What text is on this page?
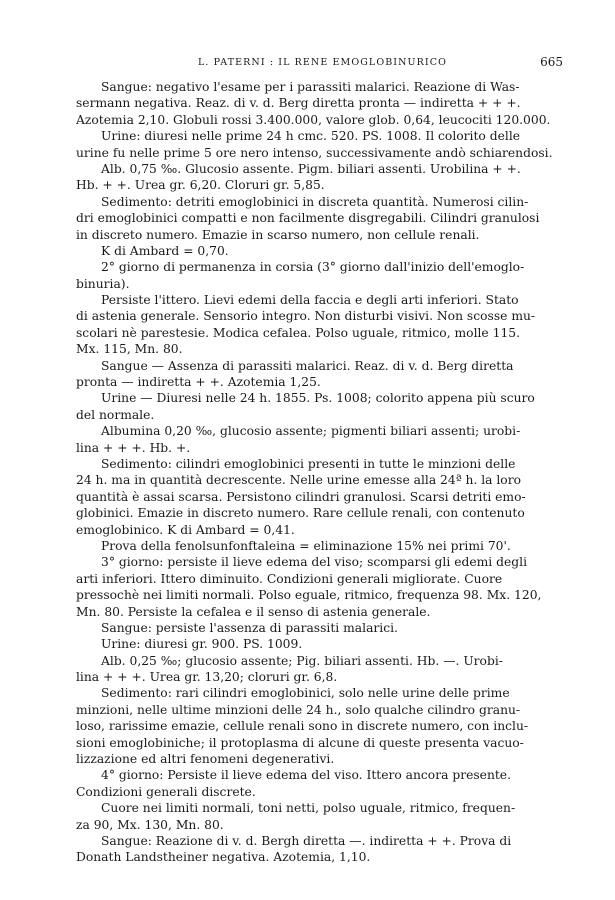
L. PATERNI : IL RENE EMOGLOBINURICO	665
Sangue: negativo l'esame per i parassiti malarici. Reazione di Was-
sermann negativa. Reaz. di v. d. Berg diretta pronta — indiretta + + +.
Azotemia 2,10. Globuli rossi 3.400.000, valore glob. 0,64, leucociti 120.000.
Urine: diuresi nelle prime 24 h cmc. 520. PS. 1008. Il colorito delle
urine fu nelle prime 5 ore nero intenso, successivamente andò schiarendosi.
Alb. 0,75 ‰. Glucosio assente. Pigm. biliari assenti. Urobilina + +.
Hb. + +. Urea gr. 6,20. Cloruri gr. 5,85.
Sedimento: detriti emoglobinici in discreta quantità. Numerosi cilin-
dri emoglobinici compatti e non facilmente disgregabili. Cilindri granulosi
in discreto numero. Emazie in scarso numero, non cellule renali.
K di Ambard = 0,70.
2° giorno di permanenza in corsia (3° giorno dall'inizio dell'emoglo-
binuria).
Persiste l'ittero. Lievi edemi della faccia e degli arti inferiori. Stato
di astenia generale. Sensorio integro. Non disturbi visivi. Non scosse mu-
scolari nè parestesie. Modica cefalea. Polso uguale, ritmico, molle 115.
Mx. 115, Mn. 80.
Sangue — Assenza di parassiti malarici. Reaz. di v. d. Berg diretta
pronta — indiretta + +. Azotemia 1,25.
Urine — Diuresi nelle 24 h. 1855. Ps. 1008; colorito appena più scuro
del normale.
Albumina 0,20 ‰, glucosio assente; pigmenti biliari assenti; urobi-
lina + + +. Hb. +.
Sedimento: cilindri emoglobinici presenti in tutte le minzioni delle
24 h. ma in quantità decrescente. Nelle urine emesse alla 24ª h. la loro
quantità è assai scarsa. Persistono cilindri granulosi. Scarsi detriti emo-
globinici. Emazie in discreto numero. Rare cellule renali, con contenuto
emoglobinico. K di Ambard = 0,41.
Prova della fenolsunfonftaleina = eliminazione 15% nei primi 70'.
3° giorno: persiste il lieve edema del viso; scomparsi gli edemi degli
arti inferiori. Ittero diminuito. Condizioni generali migliorate. Cuore
pressochè nei limiti normali. Polso eguale, ritmico, frequenza 98. Mx. 120,
Mn. 80. Persiste la cefalea e il senso di astenia generale.
Sangue: persiste l'assenza di parassiti malarici.
Urine: diuresi gr. 900. PS. 1009.
Alb. 0,25 ‰; glucosio assente; Pig. biliari assenti. Hb. —. Urobi-
lina + + +. Urea gr. 13,20; cloruri gr. 6,8.
Sedimento: rari cilindri emoglobinici, solo nelle urine delle prime
minzioni, nelle ultime minzioni delle 24 h., solo qualche cilindro granu-
loso, rarissime emazie, cellule renali sono in discrete numero, con inclu-
sioni emoglobiniche; il protoplasma di alcune di queste presenta vacuo-
lizzazione ed altri fenomeni degenerativi.
4° giorno: Persiste il lieve edema del viso. Ittero ancora presente.
Condizioni generali discrete.
Cuore nei limiti normali, toni netti, polso uguale, ritmico, frequen-
za 90, Mx. 130, Mn. 80.
Sangue: Reazione di v. d. Bergh diretta —. indiretta + +. Prova di
Donath Landstheiner negativa. Azotemia, 1,10.
